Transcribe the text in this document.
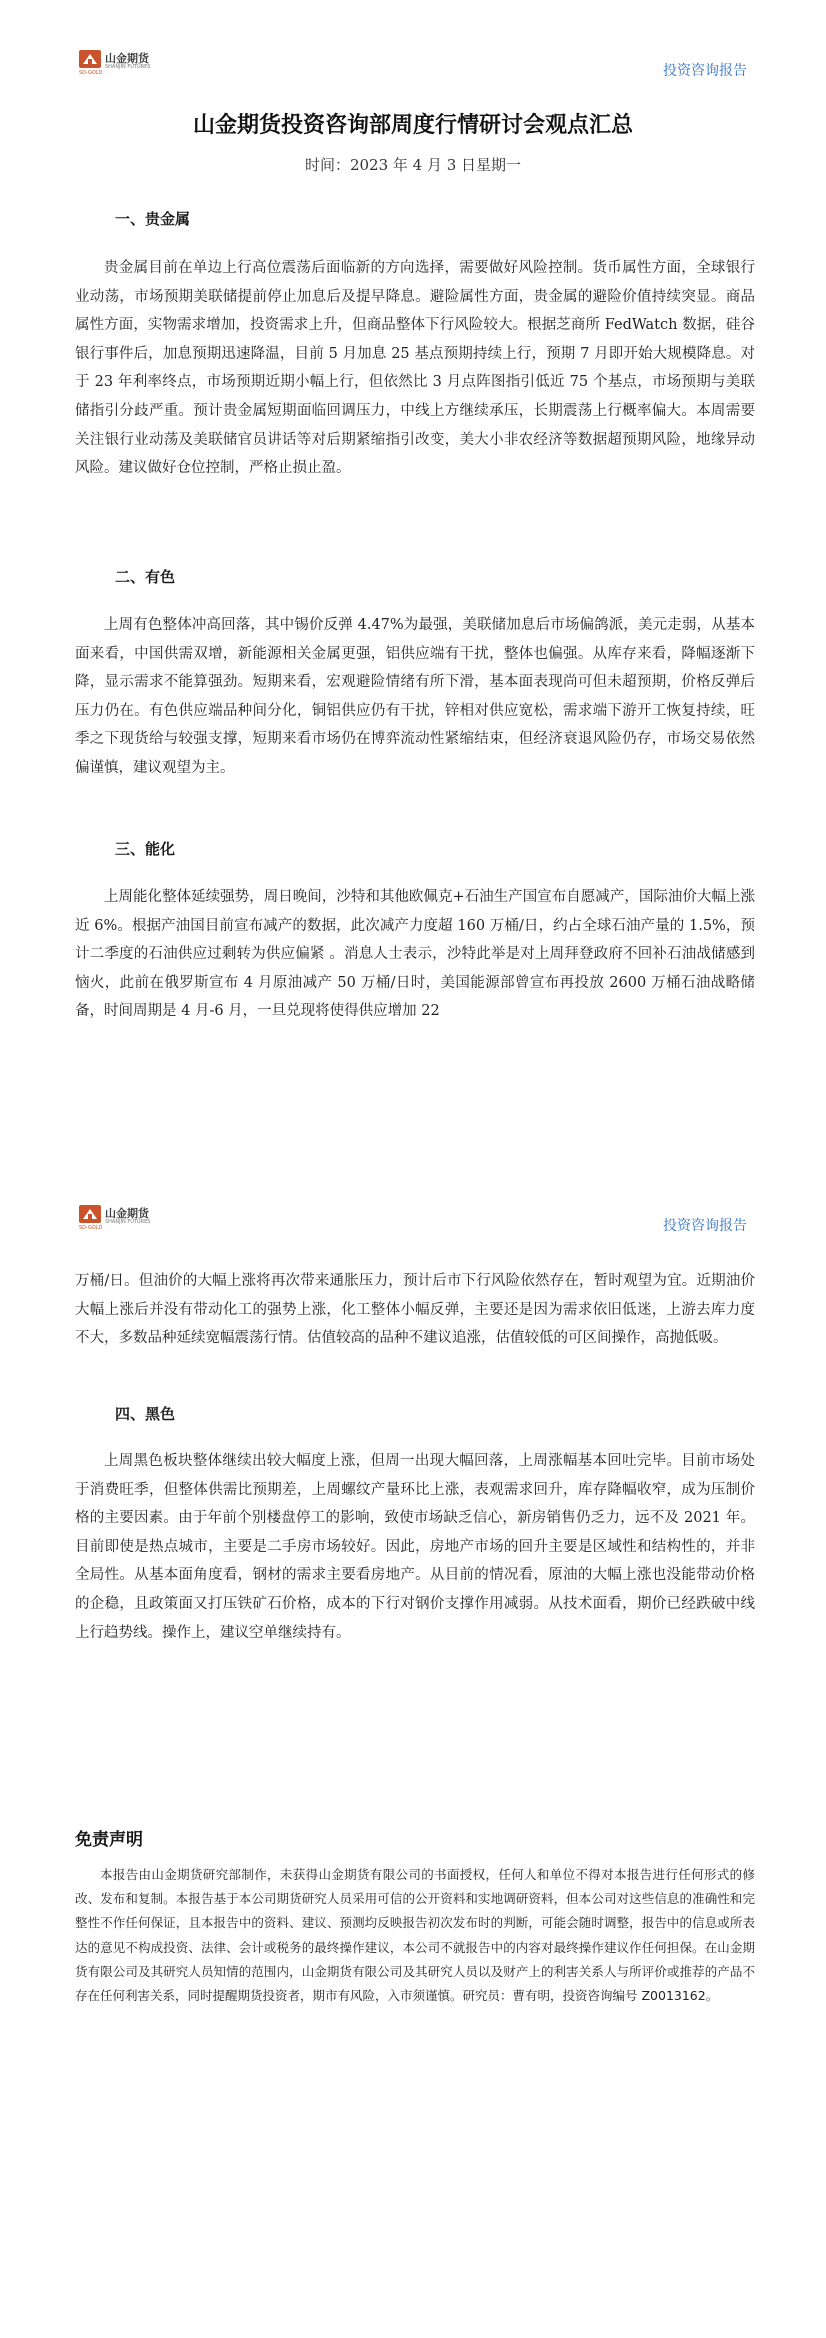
山金期货
SHANJIN FUTURES
SD-GOLD	投资咨询报告
山金期货投资咨询部周度行情研讨会观点汇总
时间：2023 年 4 月 3 日星期一
一、贵金属

贵金属目前在单边上行高位震荡后面临新的方向选择，需要做好风险控制。货币属性方面，全球银行业动荡，市场预期美联储提前停止加息后及提早降息。避险属性方面，贵金属的避险价值持续突显。商品属性方面，实物需求增加，投资需求上升，但商品整体下行风险较大。根据芝商所 FedWatch 数据，硅谷银行事件后，加息预期迅速降温，目前 5 月加息 25 基点预期持续上行，预期 7 月即开始大规模降息。对于 23 年利率终点，市场预期近期小幅上行，但依然比 3 月点阵图指引低近 75 个基点，市场预期与美联储指引分歧严重。预计贵金属短期面临回调压力，中线上方继续承压，长期震荡上行概率偏大。本周需要关注银行业动荡及美联储官员讲话等对后期紧缩指引改变，美大小非农经济等数据超预期风险，地缘异动风险。建议做好仓位控制，严格止损止盈。

二、有色

上周有色整体冲高回落，其中锡价反弹 4.47%为最强，美联储加息后市场偏鸽派，美元走弱，从基本面来看，中国供需双增，新能源相关金属更强，铝供应端有干扰，整体也偏强。从库存来看，降幅逐渐下降，显示需求不能算强劲。短期来看，宏观避险情绪有所下滑，基本面表现尚可但未超预期，价格反弹后压力仍在。有色供应端品种间分化，铜铝供应仍有干扰，锌相对供应宽松，需求端下游开工恢复持续，旺季之下现货给与较强支撑，短期来看市场仍在博弈流动性紧缩结束，但经济衰退风险仍存，市场交易依然偏谨慎，建议观望为主。

三、能化

上周能化整体延续强势，周日晚间，沙特和其他欧佩克+石油生产国宣布自愿减产，国际油价大幅上涨近 6%。根据产油国目前宣布减产的数据，此次减产力度超 160 万桶/日，约占全球石油产量的 1.5%，预计二季度的石油供应过剩转为供应偏紧 。消息人士表示，沙特此举是对上周拜登政府不回补石油战储感到恼火，此前在俄罗斯宣布 4 月原油减产 50 万桶/日时，美国能源部曾宣布再投放 2600 万桶石油战略储备，时间周期是 4 月-6 月，一旦兑现将使得供应增加 22

山金期货
SHANJIN FUTURES
SD-GOLD	投资咨询报告

万桶/日。但油价的大幅上涨将再次带来通胀压力，预计后市下行风险依然存在，暂时观望为宜。近期油价大幅上涨后并没有带动化工的强势上涨，化工整体小幅反弹，主要还是因为需求依旧低迷，上游去库力度不大，多数品种延续宽幅震荡行情。估值较高的品种不建议追涨，估值较低的可区间操作，高抛低吸。

四、黑色

上周黑色板块整体继续出较大幅度上涨，但周一出现大幅回落，上周涨幅基本回吐完毕。目前市场处于消费旺季，但整体供需比预期差，上周螺纹产量环比上涨，表观需求回升，库存降幅收窄，成为压制价格的主要因素。由于年前个别楼盘停工的影响，致使市场缺乏信心，新房销售仍乏力，远不及 2021 年。目前即使是热点城市，主要是二手房市场较好。因此，房地产市场的回升主要是区域性和结构性的，并非全局性。从基本面角度看，钢材的需求主要看房地产。从目前的情况看，原油的大幅上涨也没能带动价格的企稳，且政策面又打压铁矿石价格，成本的下行对钢价支撑作用减弱。从技术面看，期价已经跌破中线上行趋势线。操作上，建议空单继续持有。

免责声明

本报告由山金期货研究部制作，未获得山金期货有限公司的书面授权，任何人和单位不得对本报告进行任何形式的修改、发布和复制。本报告基于本公司期货研究人员采用可信的公开资料和实地调研资料，但本公司对这些信息的准确性和完整性不作任何保证，且本报告中的资料、建议、预测均反映报告初次发布时的判断，可能会随时调整，报告中的信息或所表达的意见不构成投资、法律、会计或税务的最终操作建议，本公司不就报告中的内容对最终操作建议作任何担保。在山金期货有限公司及其研究人员知情的范围内，山金期货有限公司及其研究人员以及财产上的利害关系人与所评价或推荐的产品不存在任何利害关系，同时提醒期货投资者，期市有风险，入市须谨慎。研究员：曹有明，投资咨询编号 Z0013162。
